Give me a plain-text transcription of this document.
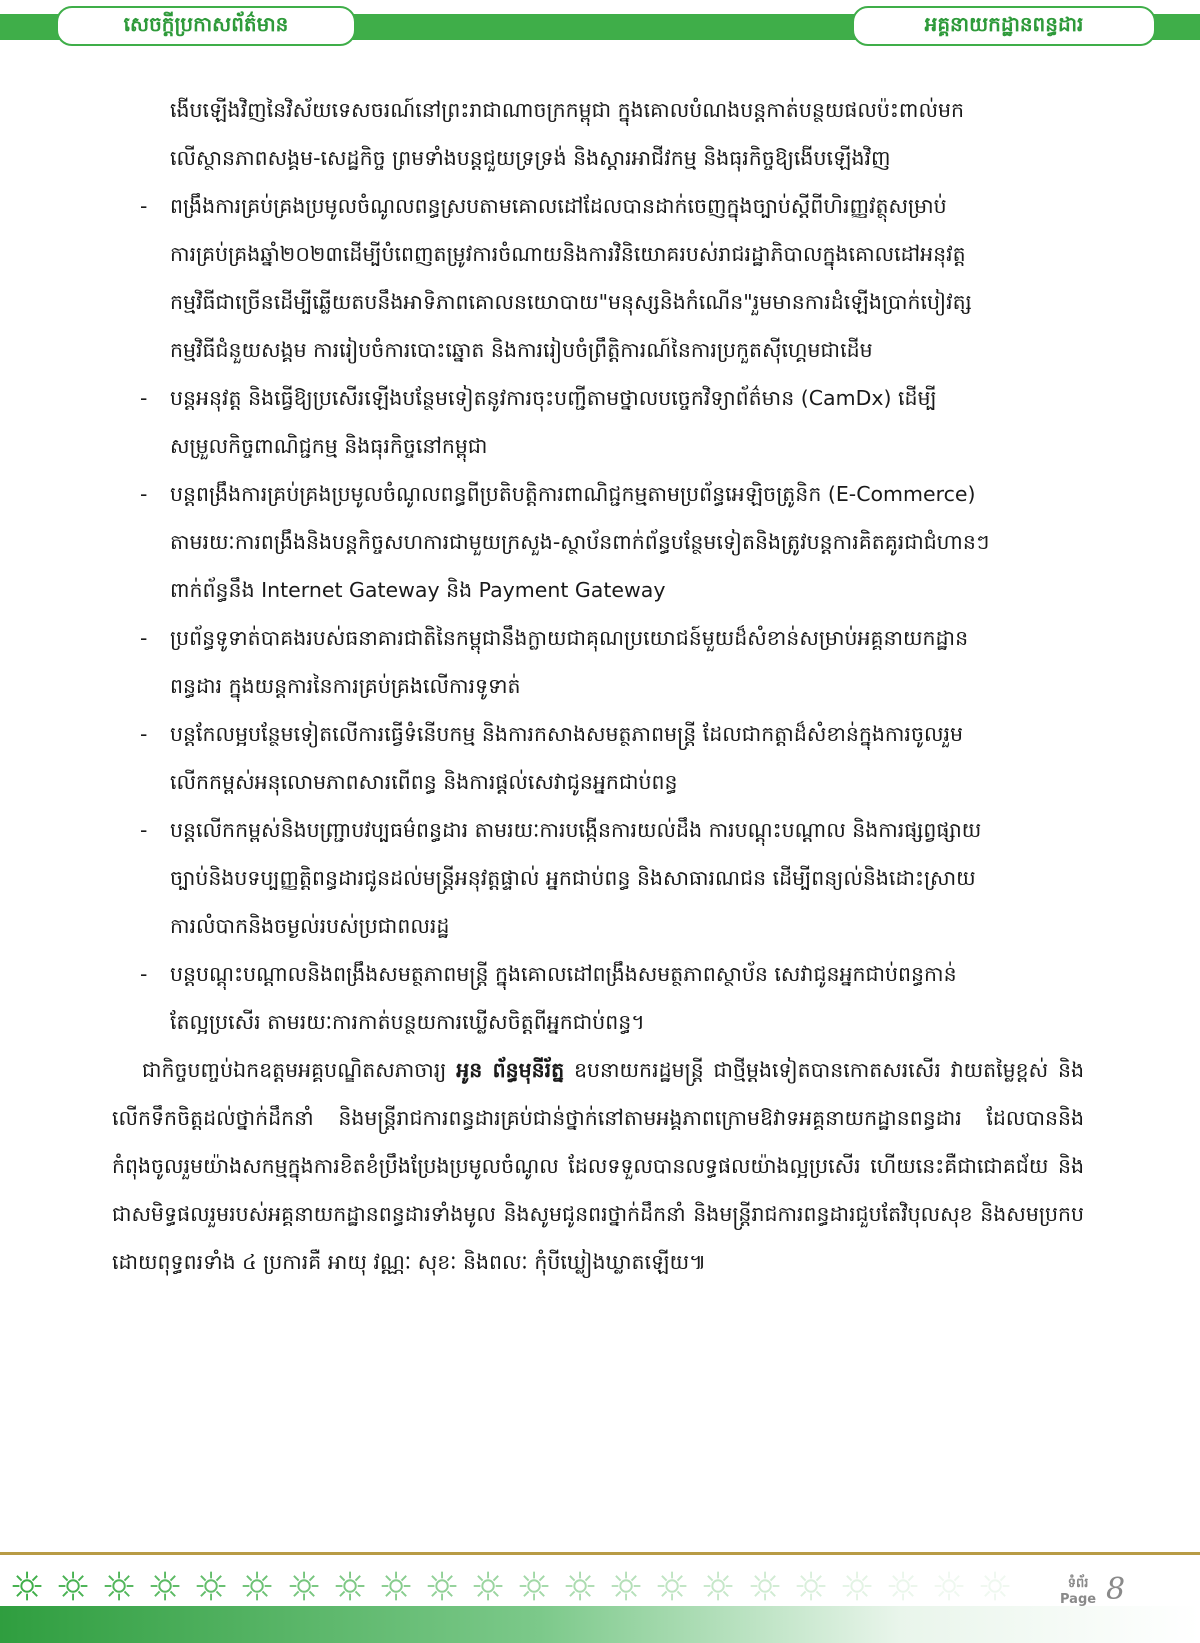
សេចក្តីប្រកាសព័ត៌មាន	អគ្គនាយកដ្ឋានពន្ធដារ

ងើបឡើងវិញនៃវិស័យទេសចរណ៍នៅព្រះរាជាណាចក្រកម្ពុជា ក្នុងគោលបំណងបន្តកាត់បន្ថយផលប៉ះពាល់មក

លើស្ថានភាពសង្គម-សេដ្ឋកិច្ច ព្រមទាំងបន្តជួយទ្រទ្រង់ និងស្តារអាជីវកម្ម និងធុរកិច្ចឱ្យងើបឡើងវិញ

- ពង្រឹងការគ្រប់គ្រងប្រមូលចំណូលពន្ធស្របតាមគោលដៅដែលបានដាក់ចេញក្នុងច្បាប់ស្តីពីហិរញ្ញវត្ថុសម្រាប់

ការគ្រប់គ្រងឆ្នាំ២០២៣ដើម្បីបំពេញតម្រូវការចំណាយនិងការវិនិយោគរបស់រាជរដ្ឋាភិបាលក្នុងគោលដៅអនុវត្ត

កម្មវិធីជាច្រើនដើម្បីឆ្លើយតបនឹងអាទិភាពគោលនយោបាយ"មនុស្សនិងកំណើន"រួមមានការដំឡើងប្រាក់បៀវត្ស

កម្មវិធីជំនួយសង្គម ការរៀបចំការបោះឆ្នោត និងការរៀបចំព្រឹត្តិការណ៍នៃការប្រកួតស៊ីហ្គេមជាដើម

- បន្តអនុវត្ត និងធ្វើឱ្យប្រសើរឡើងបន្ថែមទៀតនូវការចុះបញ្ជីតាមថ្នាលបច្ចេកវិទ្យាព័ត៌មាន (CamDx) ដើម្បី

សម្រួលកិច្ចពាណិជ្ជកម្ម និងធុរកិច្ចនៅកម្ពុជា

- បន្តពង្រឹងការគ្រប់គ្រងប្រមូលចំណូលពន្ធពីប្រតិបត្តិការពាណិជ្ជកម្មតាមប្រព័ន្ធអេឡិចត្រូនិក (E-Commerce)

តាមរយៈការពង្រឹងនិងបន្តកិច្ចសហការជាមួយក្រសួង-ស្ថាប័នពាក់ព័ន្ធបន្ថែមទៀតនិងត្រូវបន្តការគិតគូរជាជំហានៗ

ពាក់ព័ន្ធនឹង Internet Gateway និង Payment Gateway

- ប្រព័ន្ធទូទាត់បាគងរបស់ធនាគារជាតិនៃកម្ពុជានឹងក្លាយជាគុណប្រយោជន៍មួយដ៏សំខាន់សម្រាប់អគ្គនាយកដ្ឋាន

ពន្ធដារ ក្នុងយន្តការនៃការគ្រប់គ្រងលើការទូទាត់

- បន្តកែលម្អបន្ថែមទៀតលើការធ្វើទំនើបកម្ម និងការកសាងសមត្ថភាពមន្ត្រី ដែលជាកត្តាដ៏សំខាន់ក្នុងការចូលរួម

លើកកម្ពស់អនុលោមភាពសារពើពន្ធ និងការផ្តល់សេវាជូនអ្នកជាប់ពន្ធ

- បន្តលើកកម្ពស់និងបញ្ជ្រាបវប្បធម៌ពន្ធដារ តាមរយៈការបង្កើនការយល់ដឹង ការបណ្តុះបណ្តាល និងការផ្សព្វផ្សាយ

ច្បាប់និងបទប្បញ្ញត្តិពន្ធដារជូនដល់មន្ត្រីអនុវត្តផ្ទាល់ អ្នកជាប់ពន្ធ និងសាធារណជន ដើម្បីពន្យល់និងដោះស្រាយ

ការលំបាកនិងចម្ងល់របស់ប្រជាពលរដ្ឋ

- បន្តបណ្តុះបណ្តាលនិងពង្រឹងសមត្ថភាពមន្ត្រី ក្នុងគោលដៅពង្រឹងសមត្ថភាពស្ថាប័ន សេវាជូនអ្នកជាប់ពន្ធកាន់

តែល្អប្រសើរ តាមរយៈការកាត់បន្ថយការឃ្លើសចិត្តពីអ្នកជាប់ពន្ធ។

ជាកិច្ចបញ្ចប់ឯកឧត្តមអគ្គបណ្ឌិតសភាចារ្យ អូន ព័ន្ធមុនីរ័ត្ន ឧបនាយករដ្ឋមន្ត្រី ជាថ្មីម្តងទៀតបានកោតសរសើរ វាយតម្លៃខ្ពស់ និងលើកទឹកចិត្តដល់ថ្នាក់ដឹកនាំ និងមន្ត្រីរាជការពន្ធដារគ្រប់ជាន់ថ្នាក់នៅតាមអង្គភាពក្រោមឱវាទអគ្គនាយកដ្ឋានពន្ធដារ ដែលបាននិងកំពុងចូលរួមយ៉ាងសកម្មក្នុងការខិតខំប្រឹងប្រែងប្រមូលចំណូល ដែលទទួលបានលទ្ធផលយ៉ាងល្អប្រសើរ ហើយនេះគឺជាជោគជ័យ និងជាសមិទ្ធផលរួមរបស់អគ្គនាយកដ្ឋានពន្ធដារទាំងមូល និងសូមជូនពរថ្នាក់ដឹកនាំ និងមន្ត្រីរាជការពន្ធដារជួបតែវិបុលសុខ និងសមប្រកបដោយពុទ្ធពរទាំង ៤ ប្រការគឺ អាយុ វណ្ណៈ សុខៈ និងពលៈ កុំបីឃ្លៀងឃ្លាតឡើយ៕

ទំព័រ
Page 8
